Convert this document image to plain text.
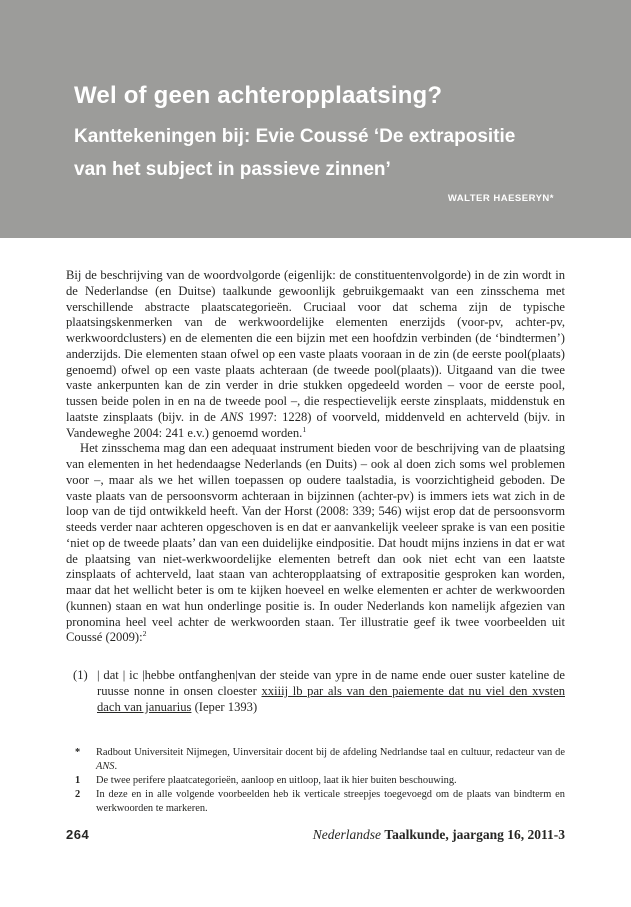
Wel of geen achteropplaatsing?
Kanttekeningen bij: Evie Coussé ‘De extrapositie
van het subject in passieve zinnen’
WALTER HAESERYN*

Bij de beschrijving van de woordvolgorde (eigenlijk: de constituentenvolgorde) in de zin wordt in de Nederlandse (en Duitse) taalkunde gewoonlijk gebruikgemaakt van een zinsschema met verschillende abstracte plaatscategorieën. Cruciaal voor dat schema zijn de typische plaatsingskenmerken van de werkwoordelijke elementen enerzijds (voor-pv, achter-pv, werkwoordclusters) en de elementen die een bijzin met een hoofdzin verbinden (de ‘bindtermen’) anderzijds. Die elementen staan ofwel op een vaste plaats vooraan in de zin (de eerste pool(plaats) genoemd) ofwel op een vaste plaats achteraan (de tweede pool(plaats)). Uitgaand van die twee vaste ankerpunten kan de zin verder in drie stukken opgedeeld worden – voor de eerste pool, tussen beide polen in en na de tweede pool –, die respectievelijk eerste zinsplaats, middenstuk en laatste zinsplaats (bijv. in de ANS 1997: 1228) of voorveld, middenveld en achterveld (bijv. in Vandeweghe 2004: 241 e.v.) genoemd worden.$^1$

Het zinsschema mag dan een adequaat instrument bieden voor de beschrijving van de plaatsing van elementen in het hedendaagse Nederlands (en Duits) – ook al doen zich soms wel problemen voor –, maar als we het willen toepassen op oudere taalstadia, is voorzichtigheid geboden. De vaste plaats van de persoonsvorm achteraan in bijzinnen (achter-pv) is immers iets wat zich in de loop van de tijd ontwikkeld heeft. Van der Horst (2008: 339; 546) wijst erop dat de persoonsvorm steeds verder naar achteren opgeschoven is en dat er aanvankelijk veeleer sprake is van een positie ‘niet op de tweede plaats’ dan van een duidelijke eindpositie. Dat houdt mijns inziens in dat er wat de plaatsing van niet-werkwoordelijke elementen betreft dan ook niet echt van een laatste zinsplaats of achterveld, laat staan van achteropplaatsing of extrapositie gesproken kan worden, maar dat het wellicht beter is om te kijken hoeveel en welke elementen er achter de werkwoorden (kunnen) staan en wat hun onderlinge positie is. In ouder Nederlands kon namelijk afgezien van pronomina heel veel achter de werkwoorden staan. Ter illustratie geef ik twee voorbeelden uit Coussé (2009):$^2$

(1) | dat | ic |hebbe ontfanghen|van der steide van ypre in de name ende ouer suster kateline de ruusse nonne in onsen cloester xxiiij lb par als van den paiemente dat nu viel den xvsten dach van januarius (Ieper 1393)
*	Radbout Universiteit Nijmegen, Uinversitair docent bij de afdeling Nedrlandse taal en cultuur, redacteur van de ANS.
1	De twee perifere plaatcategorieën, aanloop en uitloop, laat ik hier buiten beschouwing.
2	In deze en in alle volgende voorbeelden heb ik verticale streepjes toegevoegd om de plaats van bindterm en werkwoorden te markeren.
264	Nederlandse Taalkunde, jaargang 16, 2011-3
